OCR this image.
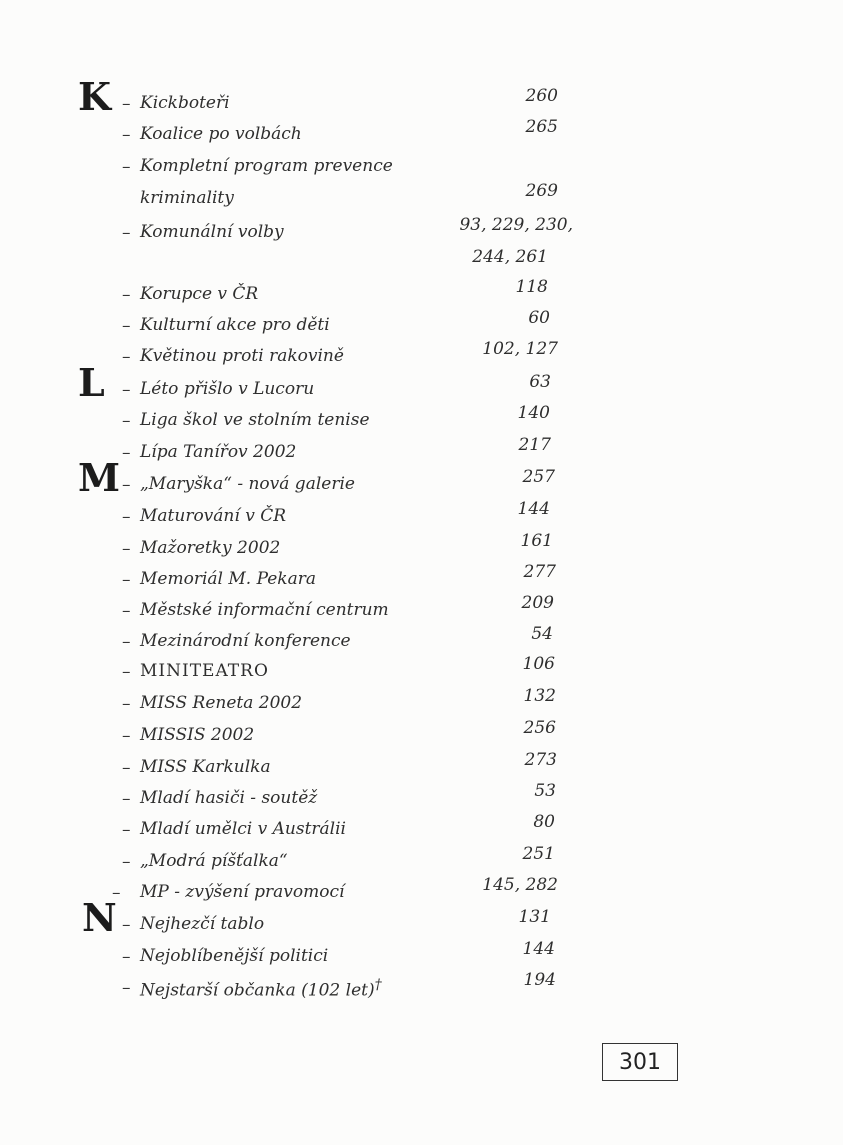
K – Kickboteři	260
– Koalice po volbách	265
– Kompletní program prevence
kriminality	269
– Komunální volby	93, 229, 230,
244, 261
– Korupce v ČR	118
– Kulturní akce pro děti	60
– Květinou proti rakovině	102, 127
L – Léto přišlo v Lucoru	63
– Liga škol ve stolním tenise	140
– Lípa Tanířov 2002	217
M – „Maryška“ - nová galerie	257
– Maturování v ČR	144
– Mažoretky 2002	161
– Memoriál M. Pekara	277
– Městské informační centrum	209
– Mezinárodní konference	54
– MINITEATRO	106
– MISS Reneta 2002	132
– MISSIS 2002	256
– MISS Karkulka	273
– Mladí hasiči - soutěž	53
– Mladí umělci v Austrálii	80
– „Modrá píšťalka“	251
– MP - zvýšení pravomocí	145, 282
N – Nejhezčí tablo	131
– Nejoblíbenější politici	144
– Nejstarší občanka (102 let)†	194
301
